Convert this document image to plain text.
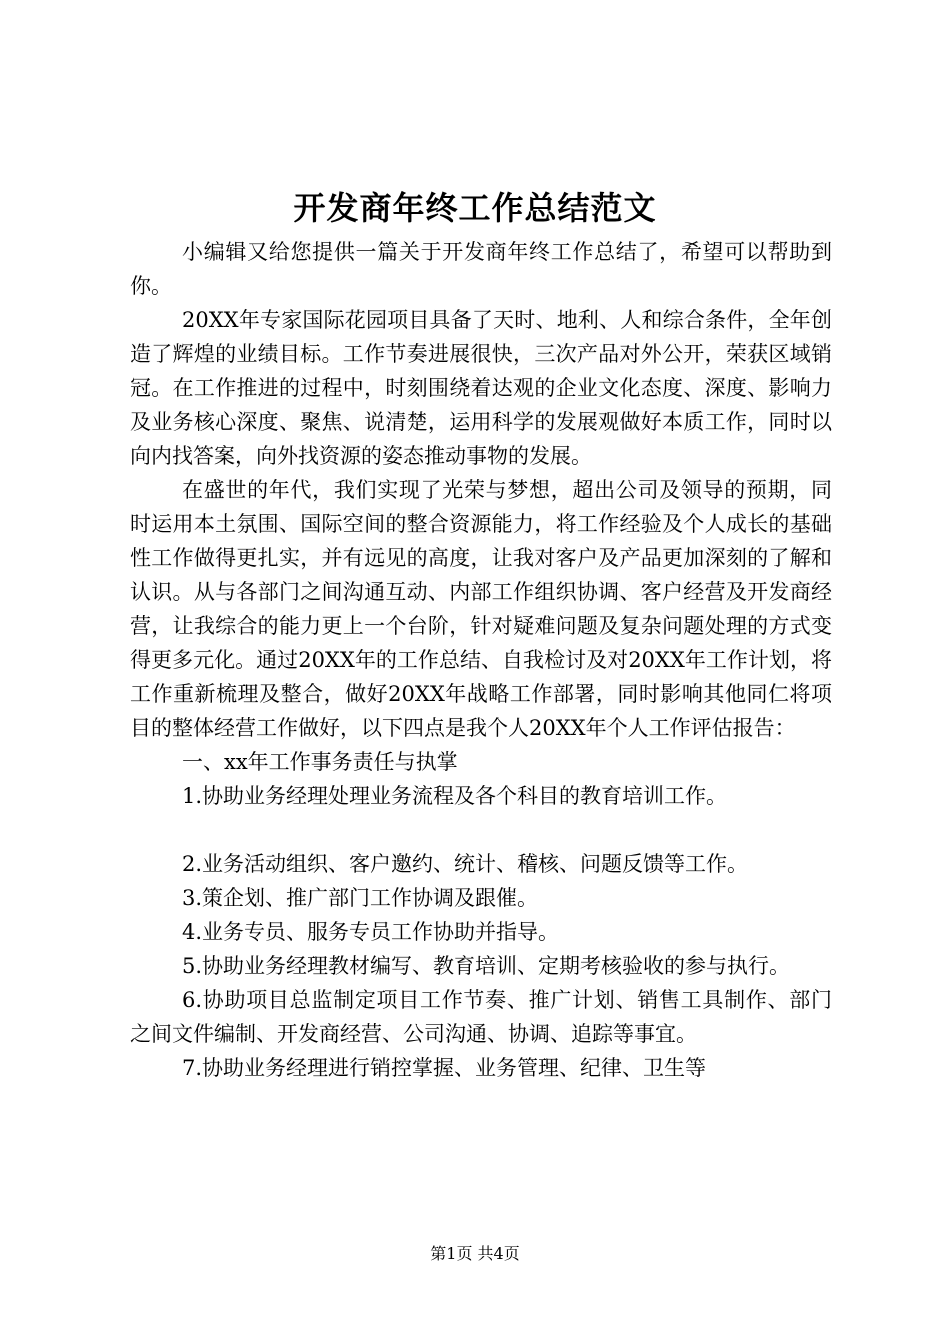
开发商年终工作总结范文

小编辑又给您提供一篇关于开发商年终工作总结了，希望可以帮助到你。

20XX年专家国际花园项目具备了天时、地利、人和综合条件，全年创造了辉煌的业绩目标。工作节奏进展很快，三次产品对外公开，荣获区域销冠。在工作推进的过程中，时刻围绕着达观的企业文化态度、深度、影响力及业务核心深度、聚焦、说清楚，运用科学的发展观做好本质工作，同时以向内找答案，向外找资源的姿态推动事物的发展。

在盛世的年代，我们实现了光荣与梦想，超出公司及领导的预期，同时运用本土氛围、国际空间的整合资源能力，将工作经验及个人成长的基础性工作做得更扎实，并有远见的高度，让我对客户及产品更加深刻的了解和认识。从与各部门之间沟通互动、内部工作组织协调、客户经营及开发商经营，让我综合的能力更上一个台阶，针对疑难问题及复杂问题处理的方式变得更多元化。通过20XX年的工作总结、自我检讨及对20XX年工作计划，将工作重新梳理及整合，做好20XX年战略工作部署，同时影响其他同仁将项目的整体经营工作做好，以下四点是我个人20XX年个人工作评估报告：

一、xx年工作事务责任与执掌

1.协助业务经理处理业务流程及各个科目的教育培训工作。

2.业务活动组织、客户邀约、统计、稽核、问题反馈等工作。

3.策企划、推广部门工作协调及跟催。

4.业务专员、服务专员工作协助并指导。

5.协助业务经理教材编写、教育培训、定期考核验收的参与执行。

6.协助项目总监制定项目工作节奏、推广计划、销售工具制作、部门之间文件编制、开发商经营、公司沟通、协调、追踪等事宜。

7.协助业务经理进行销控掌握、业务管理、纪律、卫生等

第1页 共4页
